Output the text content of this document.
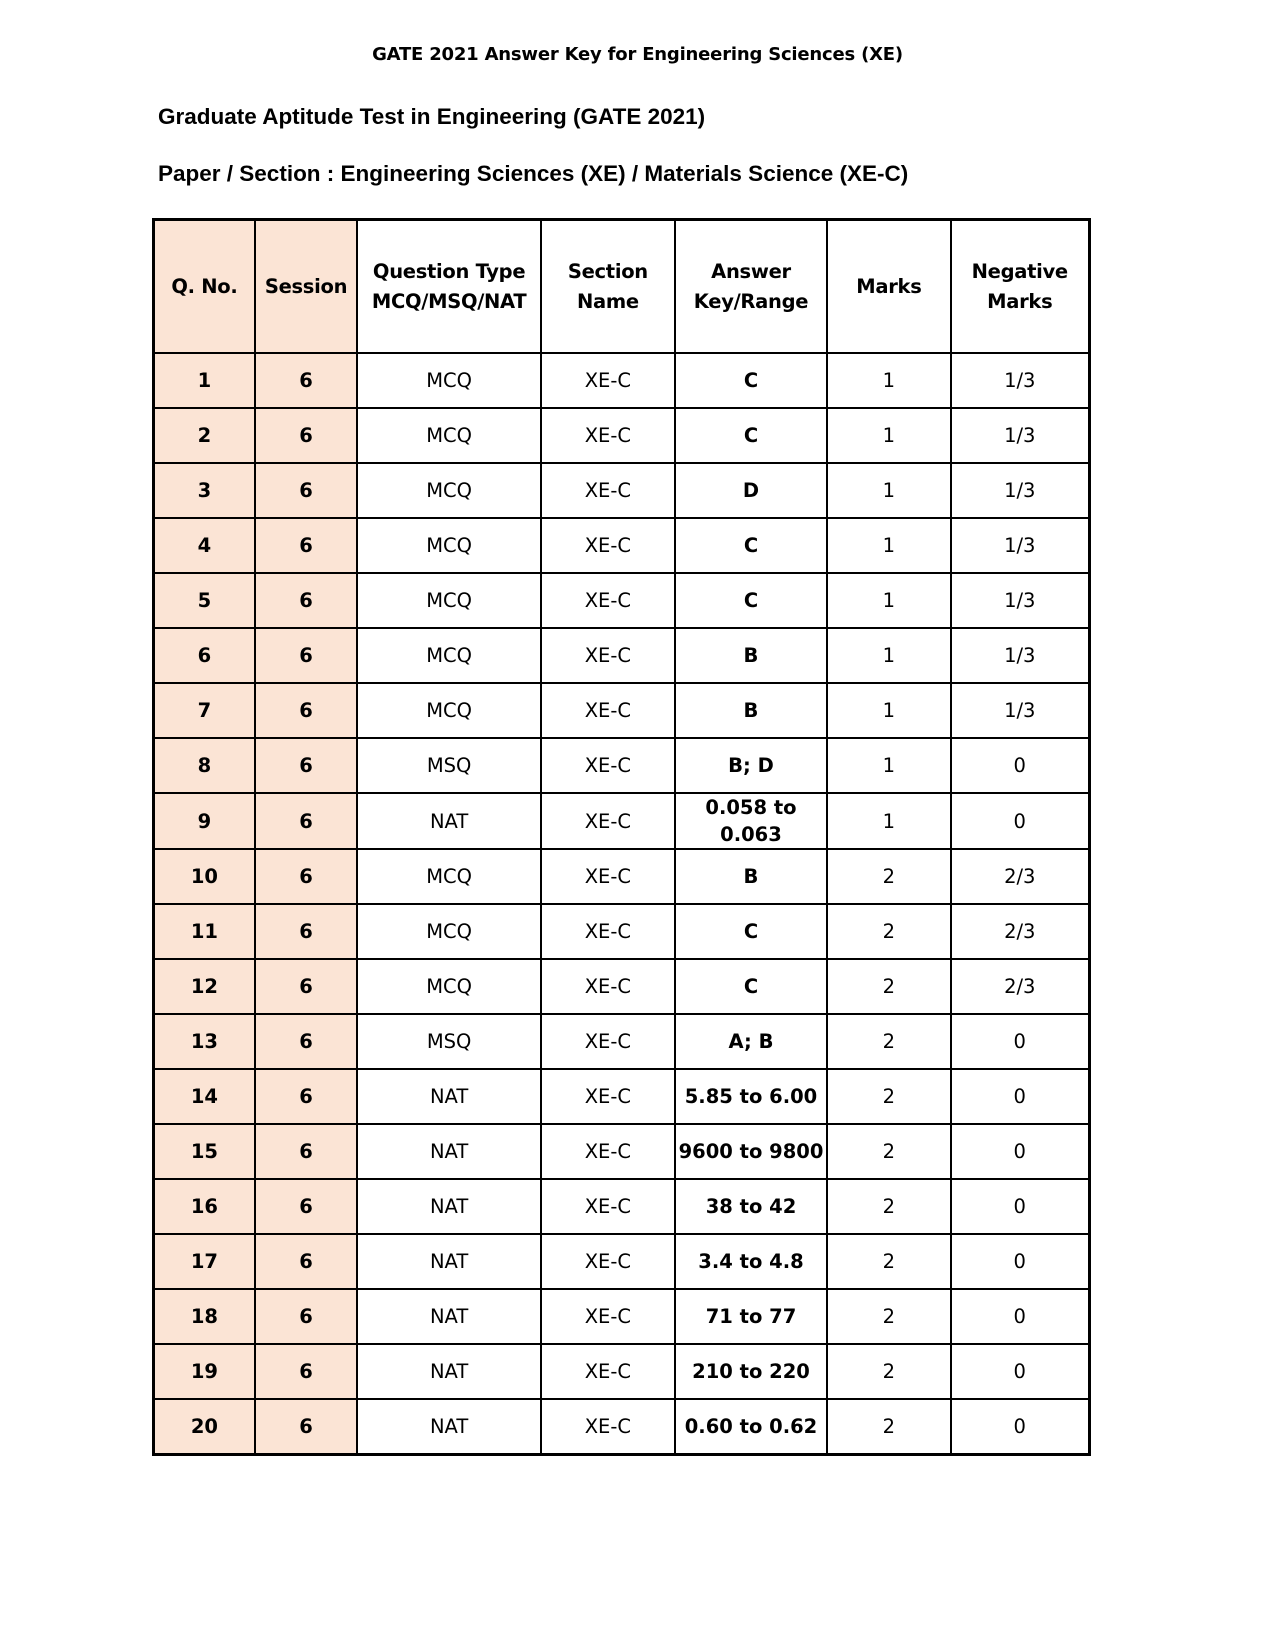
GATE 2021 Answer Key for Engineering Sciences (XE)
Graduate Aptitude Test in Engineering (GATE 2021)
Paper / Section : Engineering Sciences (XE) / Materials Science (XE-C)
Q. No.	Session	Question Type MCQ/MSQ/NAT	Section Name	Answer Key/Range	Marks	Negative Marks
1	6	MCQ	XE-C	C	1	1/3
2	6	MCQ	XE-C	C	1	1/3
3	6	MCQ	XE-C	D	1	1/3
4	6	MCQ	XE-C	C	1	1/3
5	6	MCQ	XE-C	C	1	1/3
6	6	MCQ	XE-C	B	1	1/3
7	6	MCQ	XE-C	B	1	1/3
8	6	MSQ	XE-C	B; D	1	0
9	6	NAT	XE-C	0.058 to 0.063	1	0
10	6	MCQ	XE-C	B	2	2/3
11	6	MCQ	XE-C	C	2	2/3
12	6	MCQ	XE-C	C	2	2/3
13	6	MSQ	XE-C	A; B	2	0
14	6	NAT	XE-C	5.85 to 6.00	2	0
15	6	NAT	XE-C	9600 to 9800	2	0
16	6	NAT	XE-C	38 to 42	2	0
17	6	NAT	XE-C	3.4 to 4.8	2	0
18	6	NAT	XE-C	71 to 77	2	0
19	6	NAT	XE-C	210 to 220	2	0
20	6	NAT	XE-C	0.60 to 0.62	2	0
